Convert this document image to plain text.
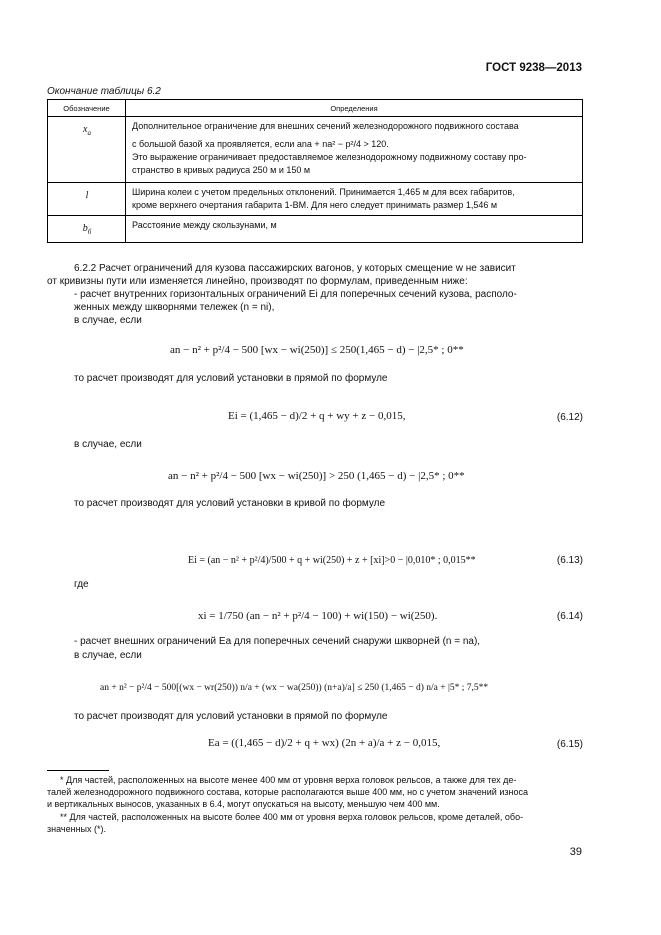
ГОСТ 9238—2013
Окончание таблицы 6.2
Обозначение	Определения
$x_a$	Дополнительное ограничение для внешних сечений железнодорожного подвижного состава
с большой базой xa проявляется, если ana + na² − p²/4 > 120.
Это выражение ограничивает предоставляемое железнодорожному подвижному составу про-
странство в кривых радиуса 250 м и 150 м

l	Ширина колеи с учетом предельных отклонений. Принимается 1,465 м для всех габаритов,
кроме верхнего очертания габарита 1-ВМ. Для него следует принимать размер 1,546 м

$b_б$	Расстояние между скользунами, м
6.2.2 Расчет ограничений для кузова пассажирских вагонов, у которых смещение w не зависит
от кривизны пути или изменяется линейно, производят по формулам, приведенным ниже:
- расчет внутренних горизонтальных ограничений Ei для поперечных сечений кузова, располо-
женных между шкворнями тележек (n = ni),
в случае, если
an − n² + p²/4 − 500 [wx − wi(250)] ≤ 250(1,465 − d) − |2,5* ; 0**
то расчет производят для условий установки в прямой по формуле
Ei = (1,465 − d)/2 + q + wy + z − 0,015,	(6.12)
в случае, если
an − n² + p²/4 − 500 [wx − wi(250)] > 250 (1,465 − d) − |2,5* ; 0**
то расчет производят для условий установки в кривой по формуле
Ei = (an − n² + p²/4)/500 + q + wi(250) + z + [xi]>0 − |0,010* ; 0,015**	(6.13)
где
xi = 1/750 (an − n² + p²/4 − 100) + wi(150) − wi(250).	(6.14)
- расчет внешних ограничений Ea для поперечных сечений снаружи шкворней (n = na),
в случае, если
an + n² − p²/4 − 500[(wx − wr(250)) n/a + (wx − wa(250)) (n+a)/a] ≤ 250 (1,465 − d) n/a + |5* ; 7,5**
то расчет производят для условий установки в прямой по формуле
Ea = ((1,465 − d)/2 + q + wx) (2n + a)/a + z − 0,015,	(6.15)
* Для частей, расположенных на высоте менее 400 мм от уровня верха головок рельсов, а также для тех де-
талей железнодорожного подвижного состава, которые располагаются выше 400 мм, но с учетом значений износа
и вертикальных выносов, указанных в 6.4, могут опускаться на высоту, меньшую чем 400 мм.
** Для частей, расположенных на высоте более 400 мм от уровня верха головок рельсов, кроме деталей, обо-
значенных (*).
39
